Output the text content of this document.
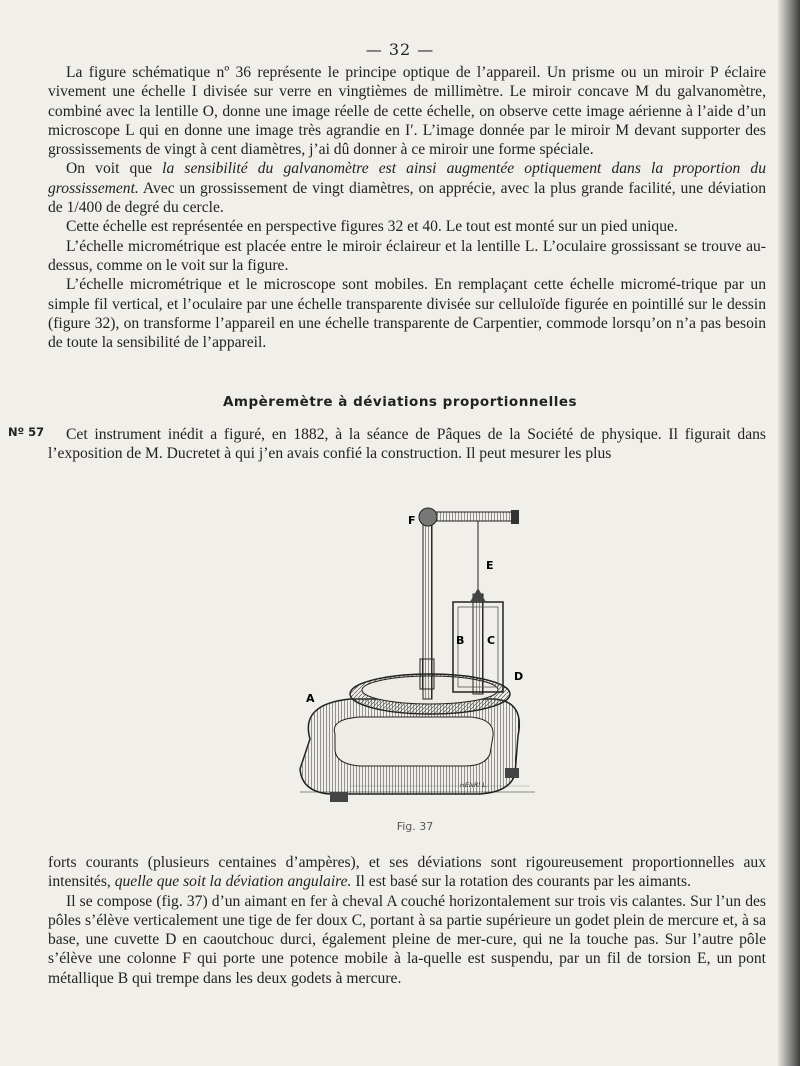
— 32 —

La figure schématique nº 36 représente le principe optique de l’appareil. Un prisme ou un miroir P éclaire vivement une échelle I divisée sur verre en vingtièmes de millimètre. Le miroir concave M du galvanomètre, combiné avec la lentille O, donne une image réelle de cette échelle, on observe cette image aérienne à l’aide d’un microscope L qui en donne une image très agrandie en I′. L’image donnée par le miroir M devant supporter des grossissements de vingt à cent diamètres, j’ai dû donner à ce miroir une forme spéciale.

On voit que la sensibilité du galvanomètre est ainsi augmentée optiquement dans la proportion du grossissement. Avec un grossissement de vingt diamètres, on apprécie, avec la plus grande facilité, une déviation de 1/400 de degré du cercle.

Cette échelle est représentée en perspective figures 32 et 40. Le tout est monté sur un pied unique.

L’échelle micrométrique est placée entre le miroir éclaireur et la lentille L. L’oculaire grossissant se trouve au-dessus, comme on le voit sur la figure.

L’échelle micrométrique et le microscope sont mobiles. En remplaçant cette échelle micromé-trique par un simple fil vertical, et l’oculaire par une échelle transparente divisée sur celluloïde figurée en pointillé sur le dessin (figure 32), on transforme l’appareil en une échelle transparente de Carpentier, commode lorsqu’on n’a pas besoin de toute la sensibilité de l’appareil.

Ampèremètre à déviations proportionnelles
Nº 57	Cet instrument inédit a figuré, en 1882, à la séance de Pâques de la Société de physique. Il figurait dans l’exposition de M. Ducretet à qui j’en avais confié la construction. Il peut mesurer les plus

F
E
B C
D
A
HENRI L.
Fig. 37

forts courants (plusieurs centaines d’ampères), et ses déviations sont rigoureusement proportionnelles aux intensités, quelle que soit la déviation angulaire. Il est basé sur la rotation des courants par les aimants.

Il se compose (fig. 37) d’un aimant en fer à cheval A couché horizontalement sur trois vis calantes. Sur l’un des pôles s’élève verticalement une tige de fer doux C, portant à sa partie supérieure un godet plein de mercure et, à sa base, une cuvette D en caoutchouc durci, également pleine de mer-cure, qui ne la touche pas. Sur l’autre pôle s’élève une colonne F qui porte une potence mobile à la-quelle est suspendu, par un fil de torsion E, un pont métallique B qui trempe dans les deux godets à mercure.
